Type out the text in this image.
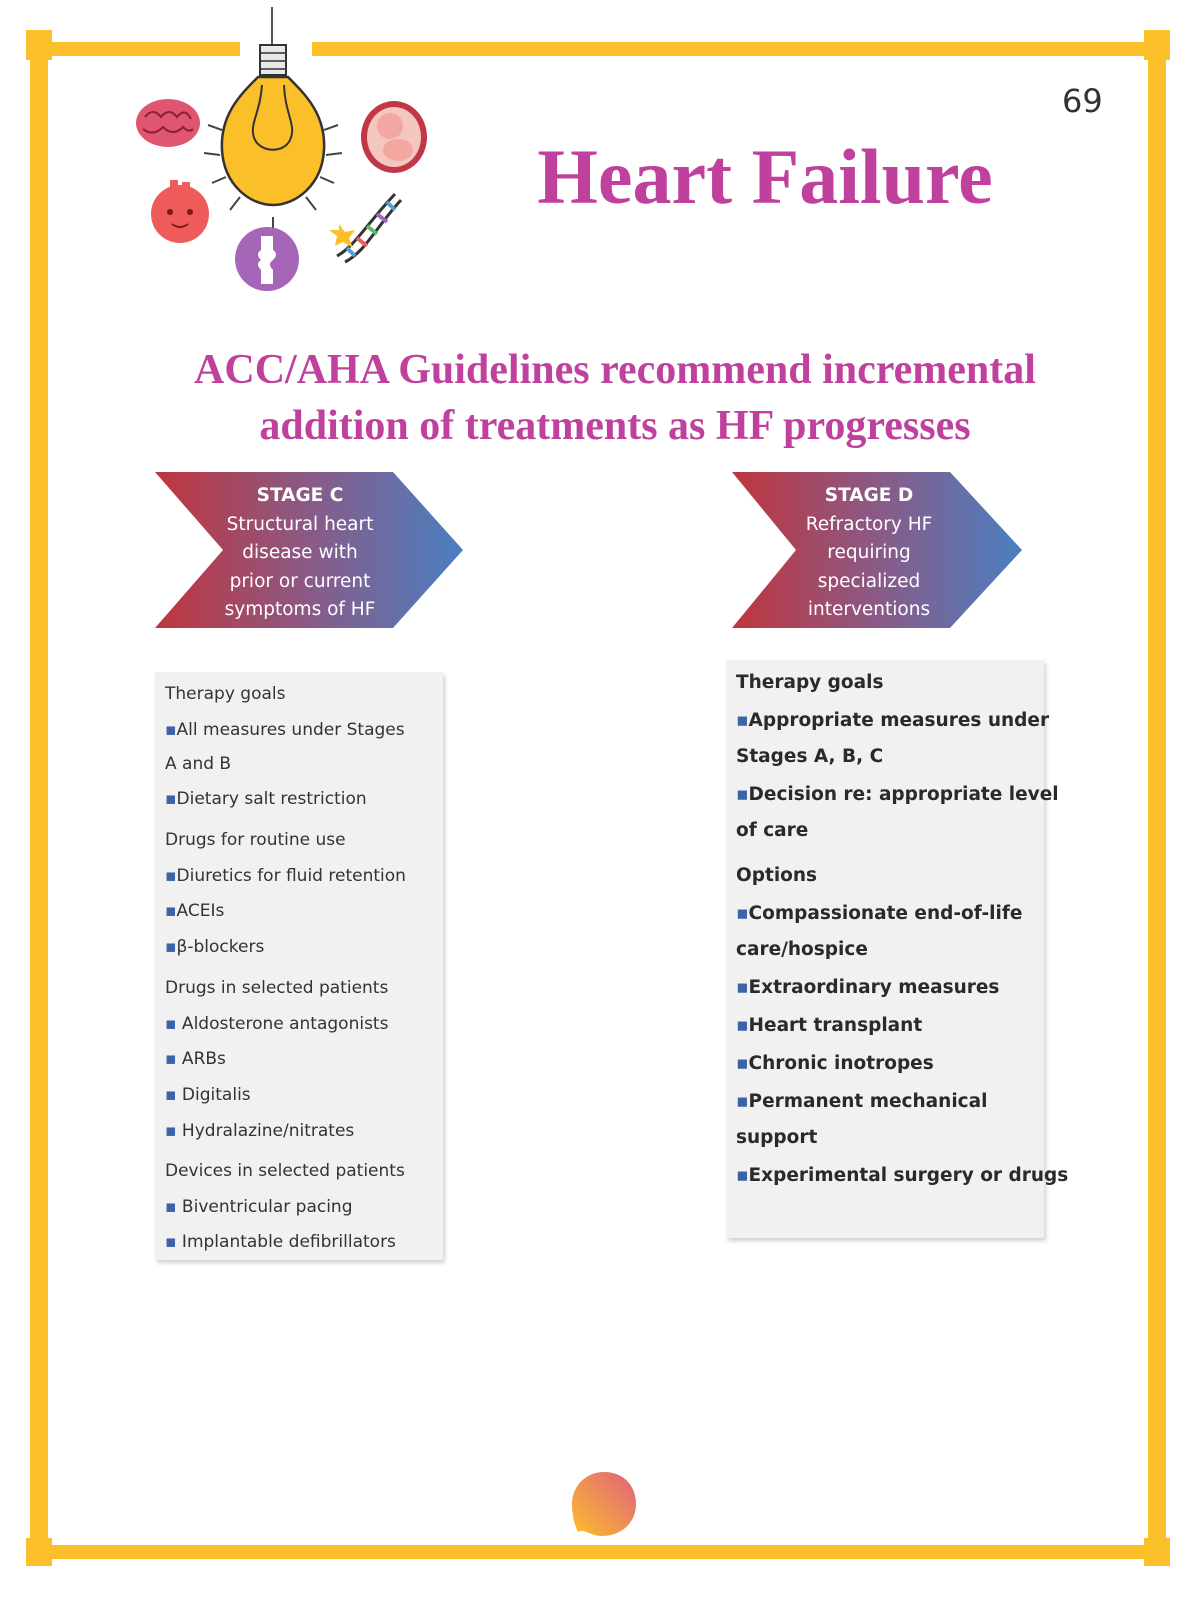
69
Heart Failure
ACC/AHA Guidelines recommend incremental
addition of treatments as HF progresses
STAGE C
Structural heart
disease with
prior or current
symptoms of HF
STAGE D
Refractory HF
requiring
specialized
interventions
Therapy goals
▪All measures under Stages
A and B
▪Dietary salt restriction
Drugs for routine use
▪Diuretics for fluid retention
▪ACEIs
▪β-blockers
Drugs in selected patients
▪ Aldosterone antagonists
▪ ARBs
▪ Digitalis
▪ Hydralazine/nitrates
Devices in selected patients
▪ Biventricular pacing
▪ Implantable defibrillators
Therapy goals
▪Appropriate measures under
Stages A, B, C
▪Decision re: appropriate level
of care
Options
▪Compassionate end-of-life
care/hospice
▪Extraordinary measures
▪Heart transplant
▪Chronic inotropes
▪Permanent mechanical
support
▪Experimental surgery or drugs
